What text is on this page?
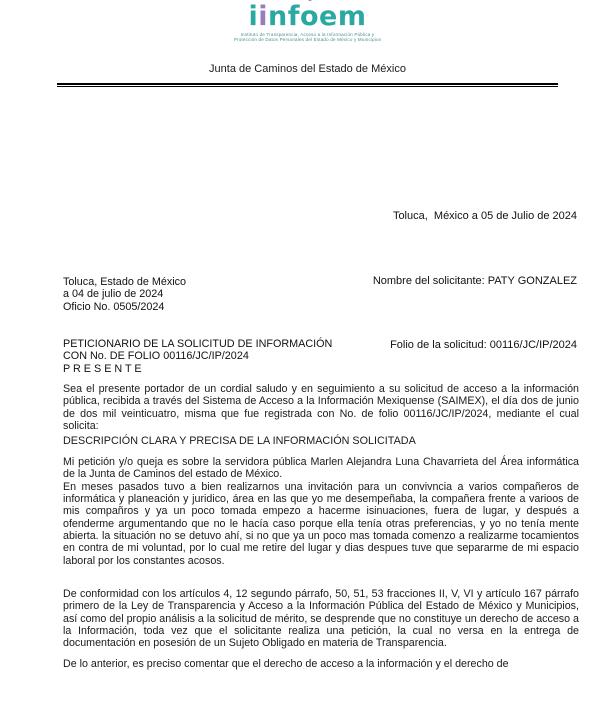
iinfoem
Instituto de Transparencia, Acceso a la Información Pública y
Protección de Datos Personales del Estado de México y Municipios
Junta de Caminos del Estado de México

Toluca,  México a 05 de Julio de 2024

Nombre del solicitante: PATY GONZALEZ

Folio de la solicitud: 00116/JC/IP/2024

Toluca, Estado de México
a 04 de julio de 2024
Oficio No. 0505/2024
PETICIONARIO DE LA SOLICITUD DE INFORMACIÓN
CON No. DE FOLIO 00116/JC/IP/2024
P R E S E N T E
Sea el presente portador de un cordial saludo y en seguimiento a su solicitud de acceso a la información pública, recibida a través del Sistema de Acceso a la Información Mexiquense (SAIMEX), el día dos de junio de dos mil veinticuatro, misma que fue registrada con No. de folio 00116/JC/IP/2024, mediante el cual solicita:
DESCRIPCIÓN CLARA Y PRECISA DE LA INFORMACIÓN SOLICITADA
Mi petición y/o queja es sobre la servidora pública Marlen Alejandra Luna Chavarrieta del Área informática de la Junta de Caminos del estado de México.
En meses pasados tuvo a bien realizarnos una invitación para un convivncia a varios compañeros de informática y planeación y juridico, área en las que yo me desempeñaba, la compañera frente a varioos de mis compañros y ya un poco tomada empezo a hacerme isinuaciones, fuera de lugar, y después a ofenderme argumentando que no le hacía caso porque ella tenía otras preferencias, y yo no tenía mente abierta. la situación no se detuvo ahí, si no que ya un poco mas tomada comenzo a realizarme tocamientos en contra de mi voluntad, por lo cual me retire del lugar y dias despues tuve que separarme de mi espacio laboral por los constantes acosos.
De conformidad con los artículos 4, 12 segundo párrafo, 50, 51, 53 fracciones II, V, VI y artículo 167 párrafo primero de la Ley de Transparencia y Acceso a la Información Pública del Estado de México y Municipios, así como del propio análisis a la solicitud de mérito, se desprende que no constituye un derecho de acceso a la Información, toda vez que el solicitante realiza una petición, la cual no versa en la entrega de documentación en posesión de un Sujeto Obligado en materia de Transparencia.
De lo anterior, es preciso comentar que el derecho de acceso a la información y el derecho de
